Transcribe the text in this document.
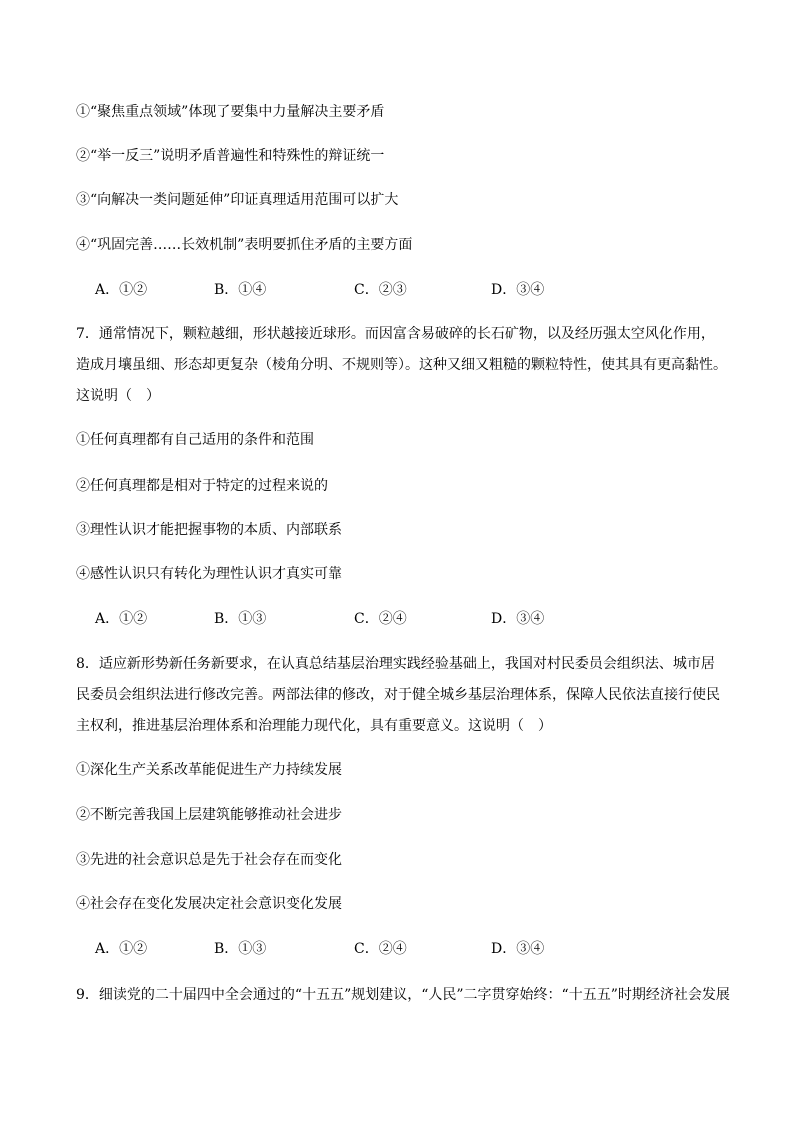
①“聚焦重点领域”体现了要集中力量解决主要矛盾
②“举一反三”说明矛盾普遍性和特殊性的辩证统一
③“向解决一类问题延伸”印证真理适用范围可以扩大
④“巩固完善……长效机制”表明要抓住矛盾的主要方面
A．①②	B．①④	C．②③	D．③④
7．通常情况下，颗粒越细，形状越接近球形。而因富含易破碎的长石矿物，以及经历强太空风化作用，
造成月壤虽细、形态却更复杂（棱角分明、不规则等）。这种又细又粗糙的颗粒特性，使其具有更高黏性。
这说明（　）
①任何真理都有自己适用的条件和范围
②任何真理都是相对于特定的过程来说的
③理性认识才能把握事物的本质、内部联系
④感性认识只有转化为理性认识才真实可靠
A．①②	B．①③	C．②④	D．③④
8．适应新形势新任务新要求，在认真总结基层治理实践经验基础上，我国对村民委员会组织法、城市居
民委员会组织法进行修改完善。两部法律的修改，对于健全城乡基层治理体系，保障人民依法直接行使民
主权利，推进基层治理体系和治理能力现代化，具有重要意义。这说明（　）
①深化生产关系改革能促进生产力持续发展
②不断完善我国上层建筑能够推动社会进步
③先进的社会意识总是先于社会存在而变化
④社会存在变化发展决定社会意识变化发展
A．①②	B．①③	C．②④	D．③④
9．细读党的二十届四中全会通过的“十五五”规划建议，“人民”二字贯穿始终：“十五五”时期经济社会发展
